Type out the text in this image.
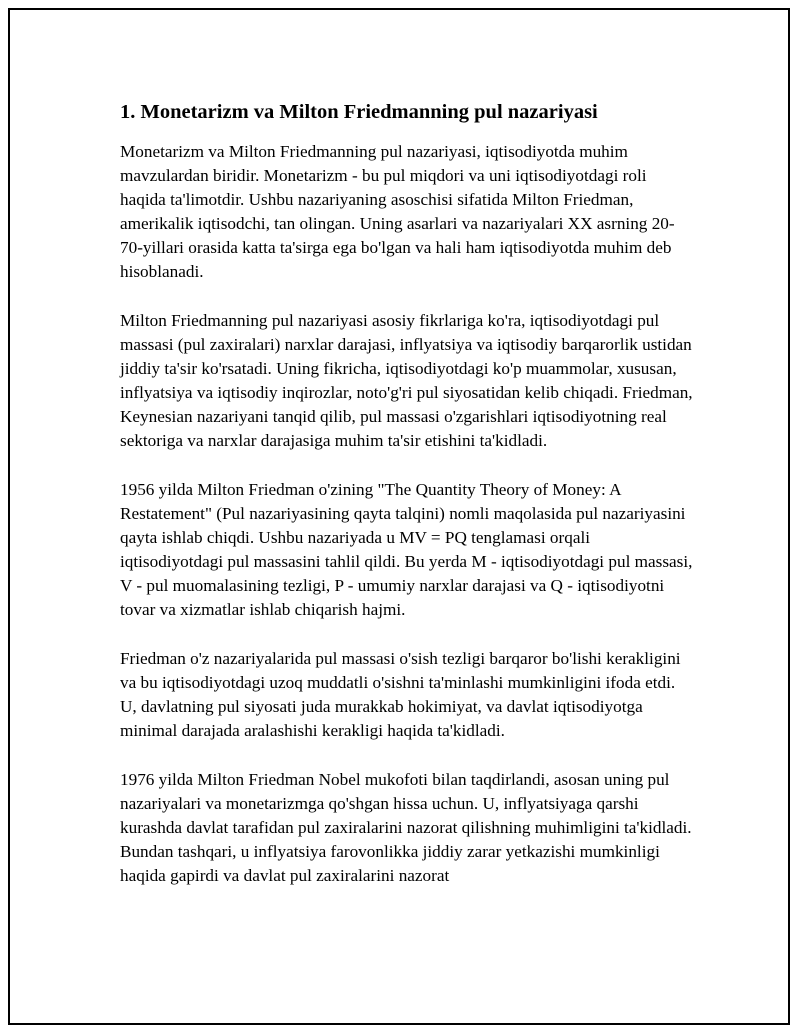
1. Monetarizm va Milton Friedmanning pul nazariyasi

Monetarizm va Milton Friedmanning pul nazariyasi, iqtisodiyotda muhim mavzulardan biridir. Monetarizm - bu pul miqdori va uni iqtisodiyotdagi roli haqida ta'limotdir. Ushbu nazariyaning asoschisi sifatida Milton Friedman, amerikalik iqtisodchi, tan olingan. Uning asarlari va nazariyalari XX asrning 20-70-yillari orasida katta ta'sirga ega bo'lgan va hali ham iqtisodiyotda muhim deb hisoblanadi.

Milton Friedmanning pul nazariyasi asosiy fikrlariga ko'ra, iqtisodiyotdagi pul massasi (pul zaxiralari) narxlar darajasi, inflyatsiya va iqtisodiy barqarorlik ustidan jiddiy ta'sir ko'rsatadi. Uning fikricha, iqtisodiyotdagi ko'p muammolar, xususan, inflyatsiya va iqtisodiy inqirozlar, noto'g'ri pul siyosatidan kelib chiqadi. Friedman, Keynesian nazariyani tanqid qilib, pul massasi o'zgarishlari iqtisodiyotning real sektoriga va narxlar darajasiga muhim ta'sir etishini ta'kidladi.

1956 yilda Milton Friedman o'zining "The Quantity Theory of Money: A Restatement" (Pul nazariyasining qayta talqini) nomli maqolasida pul nazariyasini qayta ishlab chiqdi. Ushbu nazariyada u MV = PQ tenglamasi orqali iqtisodiyotdagi pul massasini tahlil qildi. Bu yerda M - iqtisodiyotdagi pul massasi, V - pul muomalasining tezligi, P - umumiy narxlar darajasi va Q - iqtisodiyotni tovar va xizmatlar ishlab chiqarish hajmi.

Friedman o'z nazariyalarida pul massasi o'sish tezligi barqaror bo'lishi kerakligini va bu iqtisodiyotdagi uzoq muddatli o'sishni ta'minlashi mumkinligini ifoda etdi. U, davlatning pul siyosati juda murakkab hokimiyat, va davlat iqtisodiyotga minimal darajada aralashishi kerakligi haqida ta'kidladi.

1976 yilda Milton Friedman Nobel mukofoti bilan taqdirlandi, asosan uning pul nazariyalari va monetarizmga qo'shgan hissa uchun. U, inflyatsiyaga qarshi kurashda davlat tarafidan pul zaxiralarini nazorat qilishning muhimligini ta'kidladi. Bundan tashqari, u inflyatsiya farovonlikka jiddiy zarar yetkazishi mumkinligi haqida gapirdi va davlat pul zaxiralarini nazorat
